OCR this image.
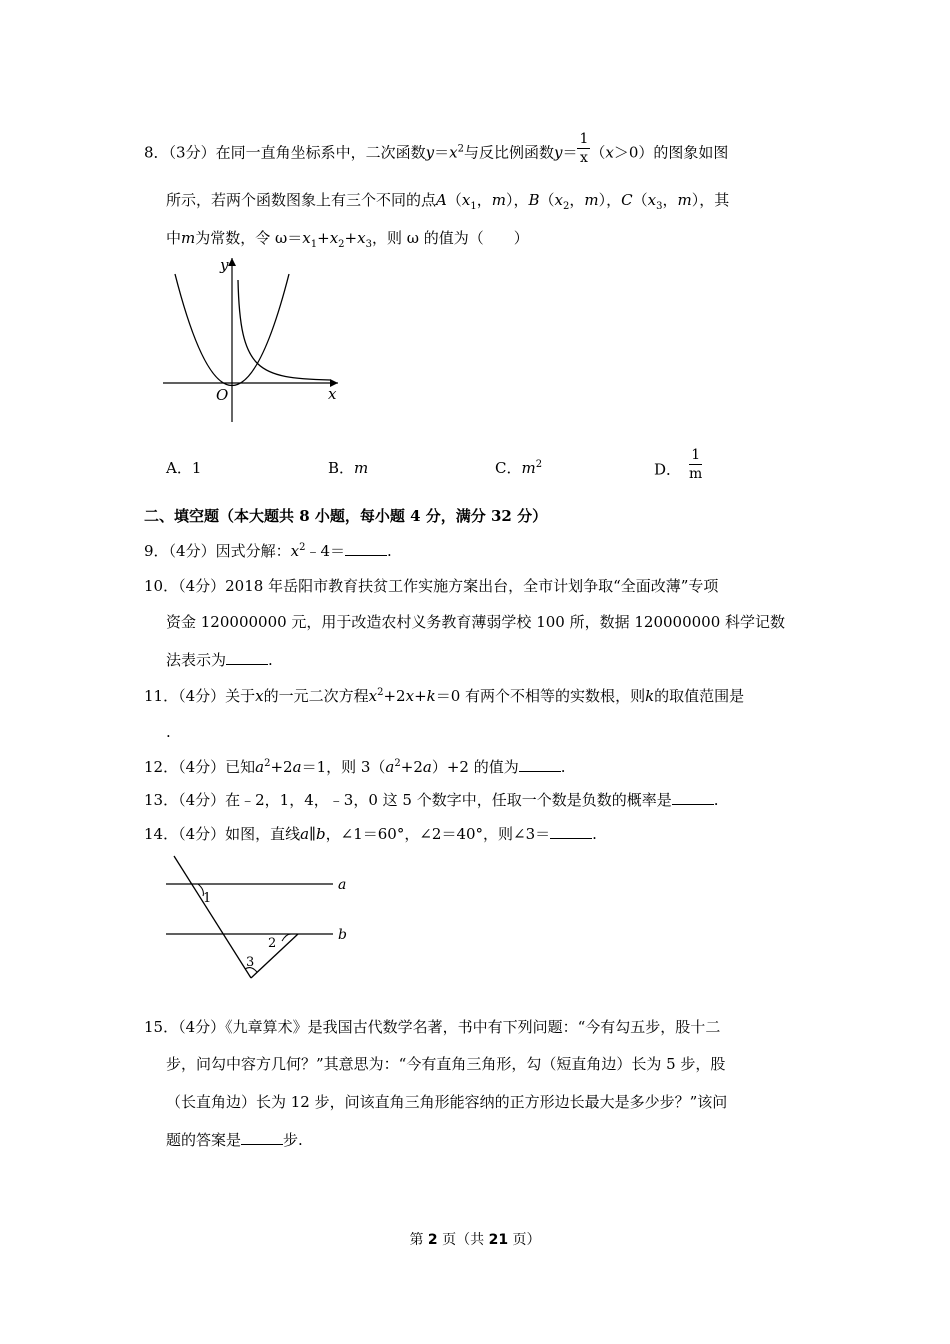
8．（3分）在同一直角坐标系中，二次函数$y=x^2$与反比例函数$y= \frac{1}{x} (x>0)$的图象如图
所示，若两个函数图象上有三个不同的点$A(x_1$，m），$B(x_2$，m），$C(x_3$，m），其
中m为常数，令 $\omega=x_1+x_2+x_3$，则 ω 的值为（　　）
y
x
O
A．1	B．m	C．$m^2$	D． $\frac{1}{m}$
二、填空题（本大题共 8 小题，每小题 4 分，满分 32 分）
9．（4分）因式分解：$x^2﹣4=$	.
10．（4分）2018 年岳阳市教育扶贫工作实施方案出台，全市计划争取“全面改薄”专项
资金 120000000 元，用于改造农村义务教育薄弱学校 100 所，数据 120000000 科学记数
法表示为	.
11．（4分）关于x的一元二次方程$x^2+2x+k=0$ 有两个不相等的实数根，则k的取值范围是
.
12．（4分）已知$a^2+2a=1$，则 $3(a^2+2a)+2$ 的值为	.
13．（4分）在﹣2，1，4，﹣3，0 这 5 个数字中，任取一个数是负数的概率是	.
14．（4分）如图，直线a∥b，∠1＝60°，∠2＝40°，则∠3＝	.
a
b
1
2
3
15．（4分）《九章算术》是我国古代数学名著，书中有下列问题：“今有勾五步，股十二
步，问勾中容方几何？”其意思为：“今有直角三角形，勾（短直角边）长为 5 步，股
（长直角边）长为 12 步，问该直角三角形能容纳的正方形边长最大是多少步？”该问
题的答案是	步.
第 2 页（共 21 页）
